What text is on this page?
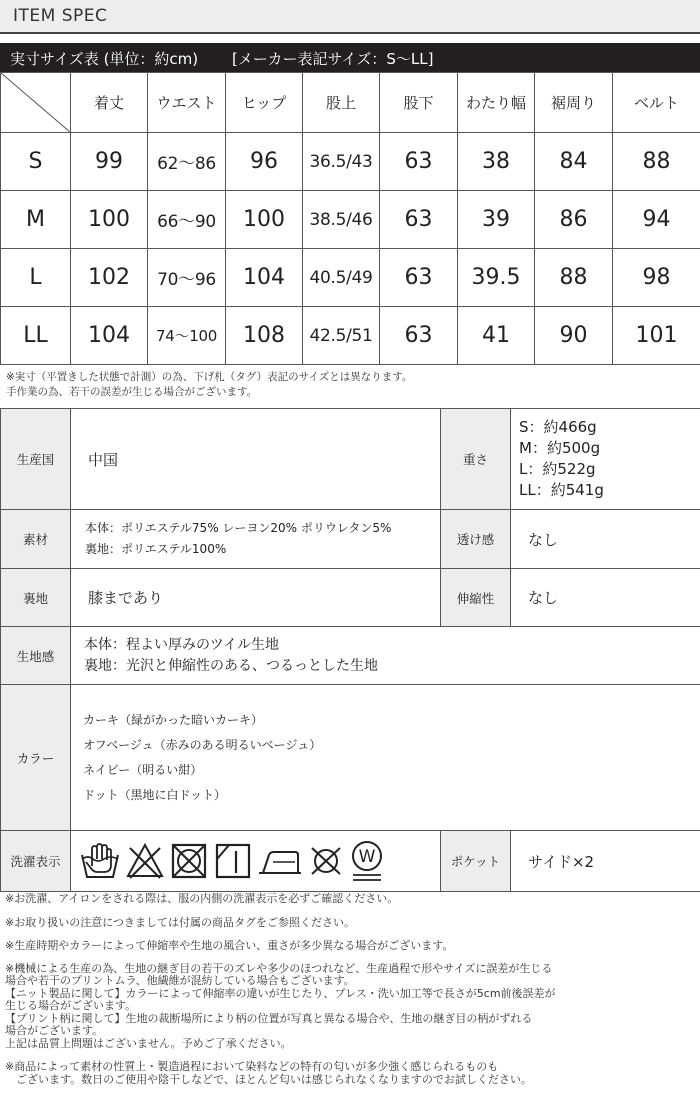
ITEM SPEC
実寸サイズ表 (単位：約cm) [メーカー表記サイズ：S〜LL]
	着丈	ウエスト	ヒップ	股上	股下	わたり幅	裾周り	ベルト
S	99	62〜86	96	36.5/43	63	38	84	88
M	100	66〜90	100	38.5/46	63	39	86	94
L	102	70〜96	104	40.5/49	63	39.5	88	98
LL	104	74〜100	108	42.5/51	63	41	90	101
※実寸（平置きした状態で計測）の為、下げ札（タグ）表記のサイズとは異なります。
手作業の為、若干の誤差が生じる場合がございます。
生産国	中国	重さ	S：約466g
M：約500g
L：約522g
LL：約541g

素材	本体：ポリエステル75% レーヨン20% ポリウレタン5%
裏地：ポリエステル100%	透け感	なし
裏地	膝まであり	伸縮性	なし
生地感	本体：程よい厚みのツイル生地
裏地：光沢と伸縮性のある、つるっとした生地		

カラー	カーキ（緑がかった暗いカーキ）
オフベージュ（赤みのある明るいベージュ）
ネイビー（明るい紺）
ドット（黒地に白ドット）		

洗濯表示	W	ポケット	サイド×2
※お洗濯、アイロンをされる際は、服の内側の洗濯表示を必ずご確認ください。
※お取り扱いの注意につきましては付属の商品タグをご参照ください。
※生産時期やカラーによって伸縮率や生地の風合い、重さが多少異なる場合がございます。
※機械による生産の為、生地の継ぎ目の若干のズレや多少のほつれなど、生産過程で形やサイズに誤差が生じる
場合や若干のプリントムラ、他繊維が混紡している場合もございます。
【ニット製品に関して】カラーによって伸縮率の違いが生じたり、プレス・洗い加工等で長さが5cm前後誤差が
生じる場合がございます。
【プリント柄に関して】生地の裁断場所により柄の位置が写真と異なる場合や、生地の継ぎ目の柄がずれる
場合がございます。
上記は品質上問題はございません。予めご了承ください。
※商品によって素材の性質上・製造過程において染料などの特有の匂いが多少強く感じられるものも
　ございます。数日のご使用や陰干しなどで、ほとんど匂いは感じられなくなりますのでお試しください。
